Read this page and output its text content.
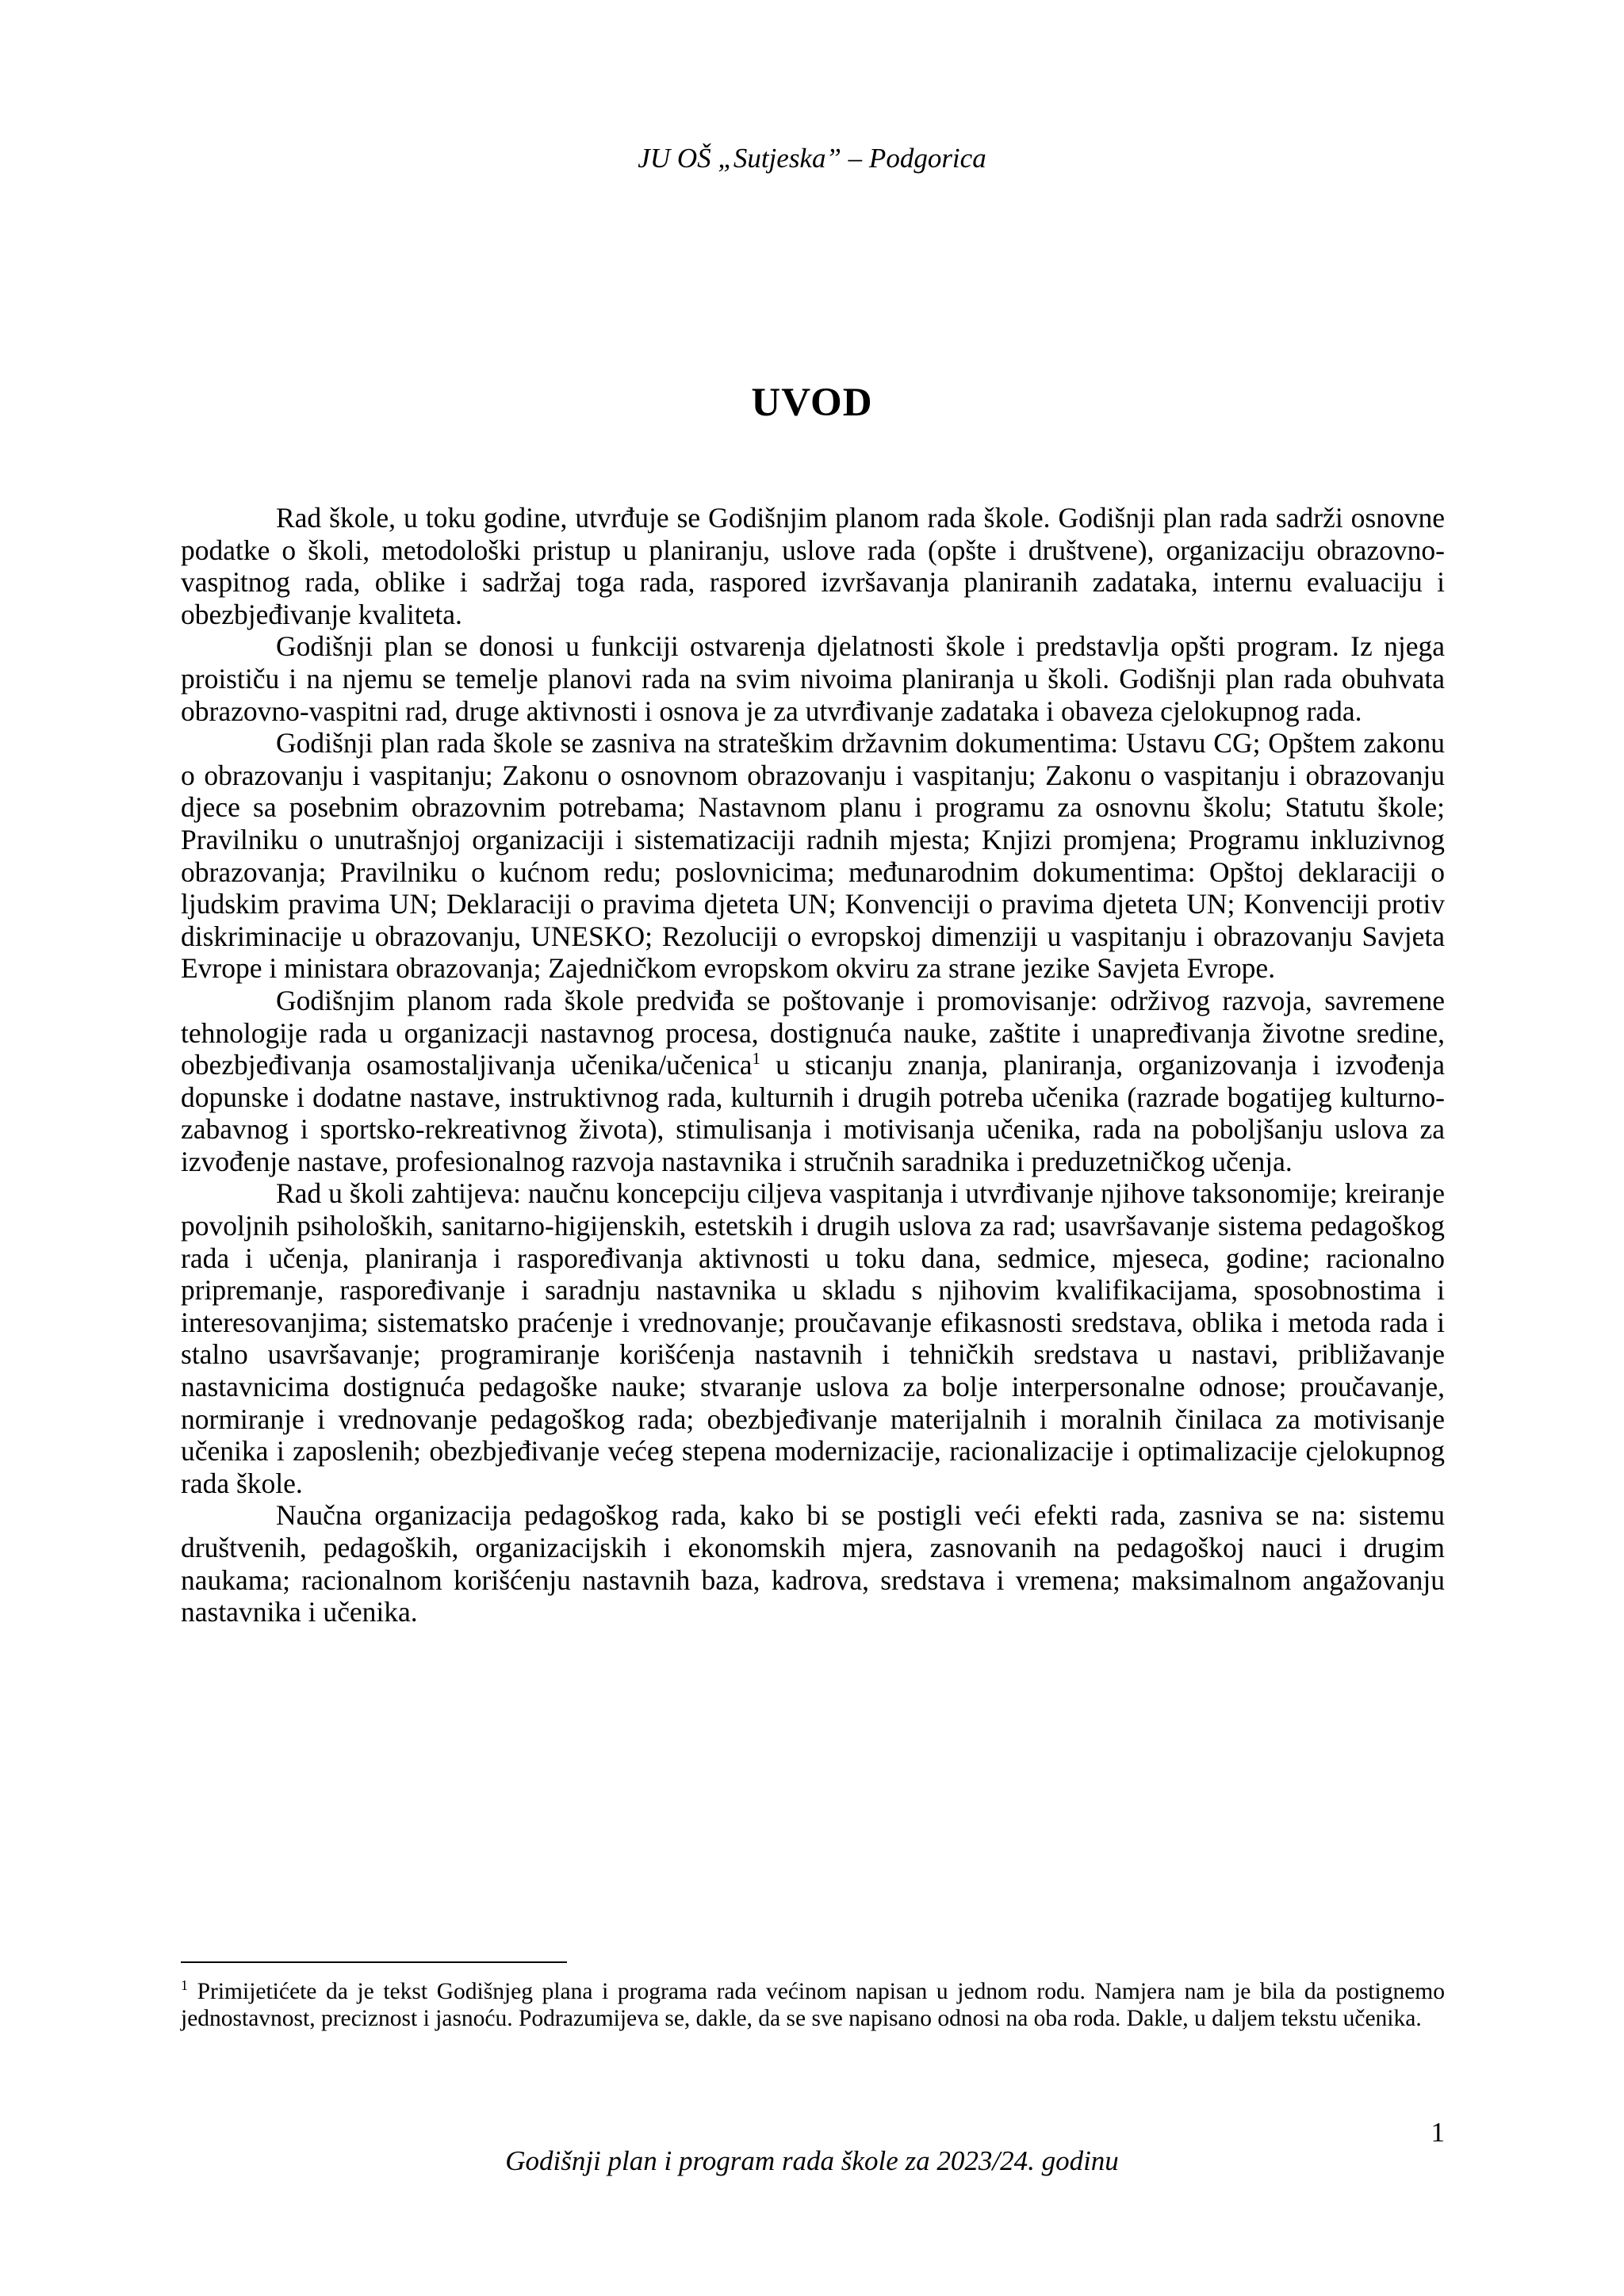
JU OŠ „Sutjeska” – Podgorica
UVOD

Rad škole, u toku godine, utvrđuje se Godišnjim planom rada škole. Godišnji plan rada sadrži osnovne podatke o školi, metodološki pristup u planiranju, uslove rada (opšte i društvene), organizaciju obrazovno-vaspitnog rada, oblike i sadržaj toga rada, raspored izvršavanja planiranih zadataka, internu evaluaciju i obezbjeđivanje kvaliteta.

Godišnji plan se donosi u funkciji ostvarenja djelatnosti škole i predstavlja opšti program. Iz njega proističu i na njemu se temelje planovi rada na svim nivoima planiranja u školi. Godišnji plan rada obuhvata obrazovno-vaspitni rad, druge aktivnosti i osnova je za utvrđivanje zadataka i obaveza cjelokupnog rada.

Godišnji plan rada škole se zasniva na strateškim državnim dokumentima: Ustavu CG; Opštem zakonu o obrazovanju i vaspitanju; Zakonu o osnovnom obrazovanju i vaspitanju; Zakonu o vaspitanju i obrazovanju djece sa posebnim obrazovnim potrebama; Nastavnom planu i programu za osnovnu školu; Statutu škole; Pravilniku o unutrašnjoj organizaciji i sistematizaciji radnih mjesta; Knjizi promjena; Programu inkluzivnog obrazovanja; Pravilniku o kućnom redu; poslovnicima; međunarodnim dokumentima: Opštoj deklaraciji o ljudskim pravima UN; Deklaraciji o pravima djeteta UN; Konvenciji o pravima djeteta UN; Konvenciji protiv diskriminacije u obrazovanju, UNESKO; Rezoluciji o evropskoj dimenziji u vaspitanju i obrazovanju Savjeta Evrope i ministara obrazovanja; Zajedničkom evropskom okviru za strane jezike Savjeta Evrope.

Godišnjim planom rada škole predviđa se poštovanje i promovisanje: održivog razvoja, savremene tehnologije rada u organizacji nastavnog procesa, dostignuća nauke, zaštite i unapređivanja životne sredine, obezbjeđivanja osamostaljivanja učenika/učenica$^1$ u sticanju znanja, planiranja, organizovanja i izvođenja dopunske i dodatne nastave, instruktivnog rada, kulturnih i drugih potreba učenika (razrade bogatijeg kulturno-zabavnog i sportsko-rekreativnog života), stimulisanja i motivisanja učenika, rada na poboljšanju uslova za izvođenje nastave, profesionalnog razvoja nastavnika i stručnih saradnika i preduzetničkog učenja.

Rad u školi zahtijeva: naučnu koncepciju ciljeva vaspitanja i utvrđivanje njihove taksonomije; kreiranje povoljnih psiholoških, sanitarno-higijenskih, estetskih i drugih uslova za rad; usavršavanje sistema pedagoškog rada i učenja, planiranja i raspoređivanja aktivnosti u toku dana, sedmice, mjeseca, godine; racionalno pripremanje, raspoređivanje i saradnju nastavnika u skladu s njihovim kvalifikacijama, sposobnostima i interesovanjima; sistematsko praćenje i vrednovanje; proučavanje efikasnosti sredstava, oblika i metoda rada i stalno usavršavanje; programiranje korišćenja nastavnih i tehničkih sredstava u nastavi, približavanje nastavnicima dostignuća pedagoške nauke; stvaranje uslova za bolje interpersonalne odnose; proučavanje, normiranje i vrednovanje pedagoškog rada; obezbjeđivanje materijalnih i moralnih činilaca za motivisanje učenika i zaposlenih; obezbjeđivanje većeg stepena modernizacije, racionalizacije i optimalizacije cjelokupnog rada škole.

Naučna organizacija pedagoškog rada, kako bi se postigli veći efekti rada, zasniva se na: sistemu društvenih, pedagoških, organizacijskih i ekonomskih mjera, zasnovanih na pedagoškoj nauci i drugim naukama; racionalnom korišćenju nastavnih baza, kadrova, sredstava i vremena; maksimalnom angažovanju nastavnika i učenika.

$^1$ Primijetićete da je tekst Godišnjeg plana i programa rada većinom napisan u jednom rodu. Namjera nam je bila da postignemo jednostavnost, preciznost i jasnoću. Podrazumijeva se, dakle, da se sve napisano odnosi na oba roda. Dakle, u daljem tekstu učenika.
1
Godišnji plan i program rada škole za 2023/24. godinu
